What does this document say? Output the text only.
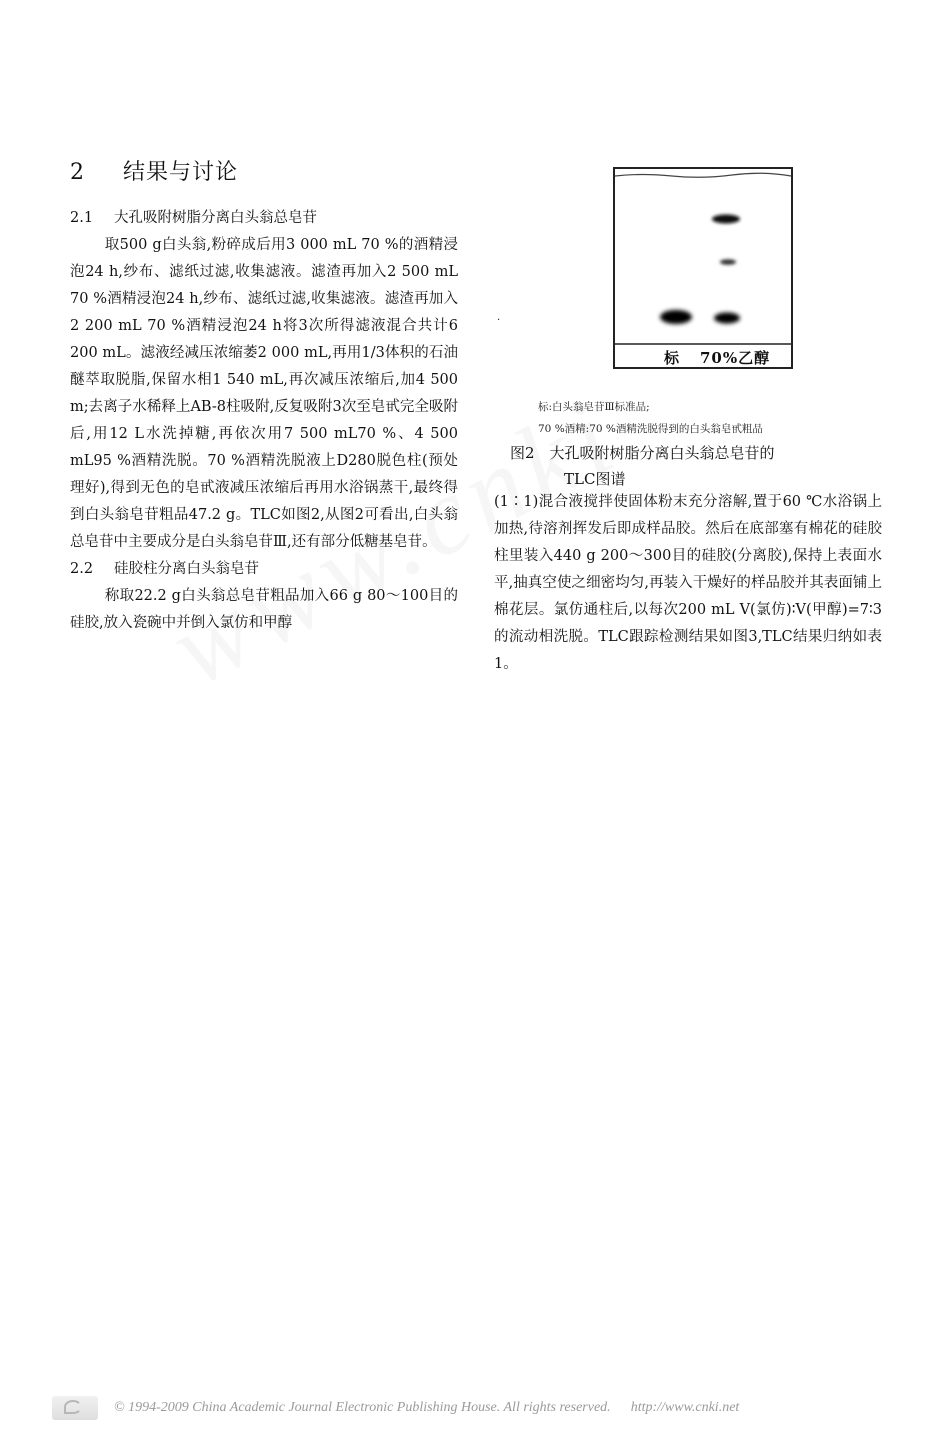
2 结果与讨论
2.1 大孔吸附树脂分离白头翁总皂苷

取500 g白头翁,粉碎成后用3 000 mL 70 %的酒精浸泡24 h,纱布、滤纸过滤,收集滤液。滤渣再加入2 500 mL 70 %酒精浸泡24 h,纱布、滤纸过滤,收集滤液。滤渣再加入2 200 mL 70 %酒精浸泡24 h将3次所得滤液混合共计6 200 mL。滤液经减压浓缩萎2 000 mL,再用1/3体积的石油醚萃取脱脂,保留水相1 540 mL,再次减压浓缩后,加4 500 m;去离子水稀释上AB-8柱吸附,反复吸附3次至皂甙完全吸附后,用12 L水洗掉糖,再依次用7 500 mL70 %、4 500 mL95 %酒精洗脱。70 %酒精洗脱液上D280脱色柱(预处理好),得到无色的皂甙液减压浓缩后再用水浴锅蒸干,最终得到白头翁皂苷粗品47.2 g。TLC如图2,从图2可看出,白头翁总皂苷中主要成分是白头翁皂苷Ⅲ,还有部分低糖基皂苷。

2.2 硅胶柱分离白头翁皂苷

称取22.2 g白头翁总皂苷粗品加入66 g 80～100目的硅胶,放入瓷碗中并倒入氯仿和甲醇

.
标 70%乙醇
标:白头翁皂苷Ⅲ标准品;
70 %酒精:70 %酒精洗脱得到的白头翁皂甙粗品
图2　大孔吸附树脂分离白头翁总皂苷的
TLC图谱

(1∶1)混合液搅拌使固体粉末充分溶解,置于60 ℃水浴锅上加热,待溶剂挥发后即成样品胶。然后在底部塞有棉花的硅胶柱里装入440 g 200～300目的硅胶(分离胶),保持上表面水平,抽真空使之细密均匀,再装入干燥好的样品胶并其表面铺上棉花层。氯仿通柱后,以每次200 mL V(氯仿)∶V(甲醇)=7∶3的流动相洗脱。TLC跟踪检测结果如图3,TLC结果归纳如表1。

© 1994-2009 China Academic Journal Electronic Publishing House. All rights reserved. http://www.cnki.net
